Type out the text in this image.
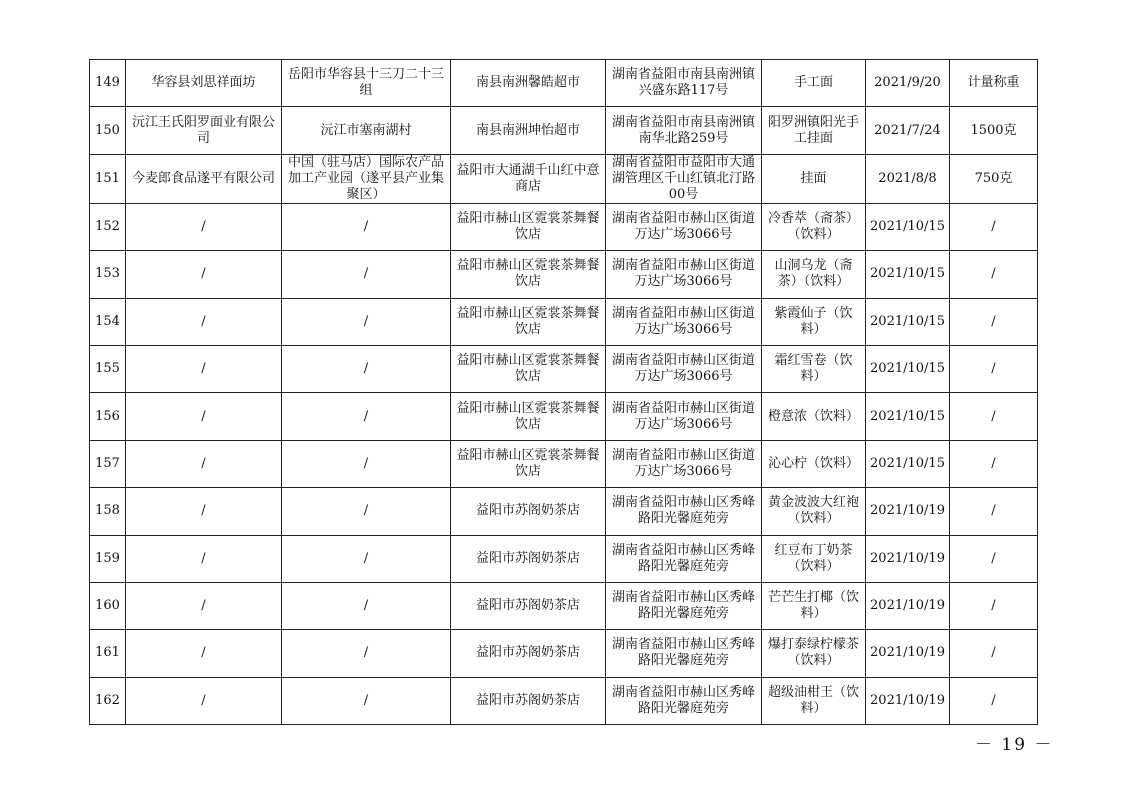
149	华容县刘思祥面坊	岳阳市华容县十三刀二十三组	南县南洲馨皓超市	湖南省益阳市南县南洲镇兴盛东路117号	手工面	2021/9/20	计量称重
150	沅江王氏阳罗面业有限公司	沅江市塞南湖村	南县南洲坤怡超市	湖南省益阳市南县南洲镇南华北路259号	阳罗洲镇阳光手工挂面	2021/7/24	1500克
151	今麦郎食品遂平有限公司	中国（驻马店）国际农产品加工产业园（遂平县产业集聚区）	益阳市大通湖千山红中意商店	湖南省益阳市益阳市大通湖管理区千山红镇北汀路00号	挂面	2021/8/8	750克
152	/	/	益阳市赫山区霓裳茶舞餐饮店	湖南省益阳市赫山区街道万达广场3066号	冷香萃（斋茶）（饮料）	2021/10/15	/
153	/	/	益阳市赫山区霓裳茶舞餐饮店	湖南省益阳市赫山区街道万达广场3066号	山洞乌龙（斋茶）（饮料）	2021/10/15	/
154	/	/	益阳市赫山区霓裳茶舞餐饮店	湖南省益阳市赫山区街道万达广场3066号	紫霞仙子（饮料）	2021/10/15	/
155	/	/	益阳市赫山区霓裳茶舞餐饮店	湖南省益阳市赫山区街道万达广场3066号	霜红雪卷（饮料）	2021/10/15	/
156	/	/	益阳市赫山区霓裳茶舞餐饮店	湖南省益阳市赫山区街道万达广场3066号	橙意浓（饮料）	2021/10/15	/
157	/	/	益阳市赫山区霓裳茶舞餐饮店	湖南省益阳市赫山区街道万达广场3066号	沁心柠（饮料）	2021/10/15	/
158	/	/	益阳市苏阁奶茶店	湖南省益阳市赫山区秀峰路阳光馨庭苑旁	黄金波波大红袍（饮料）	2021/10/19	/
159	/	/	益阳市苏阁奶茶店	湖南省益阳市赫山区秀峰路阳光馨庭苑旁	红豆布丁奶茶（饮料）	2021/10/19	/
160	/	/	益阳市苏阁奶茶店	湖南省益阳市赫山区秀峰路阳光馨庭苑旁	芒芒生打椰（饮料）	2021/10/19	/
161	/	/	益阳市苏阁奶茶店	湖南省益阳市赫山区秀峰路阳光馨庭苑旁	爆打泰绿柠檬茶（饮料）	2021/10/19	/
162	/	/	益阳市苏阁奶茶店	湖南省益阳市赫山区秀峰路阳光馨庭苑旁	超级油柑王（饮料）	2021/10/19	/
－ 19 －
